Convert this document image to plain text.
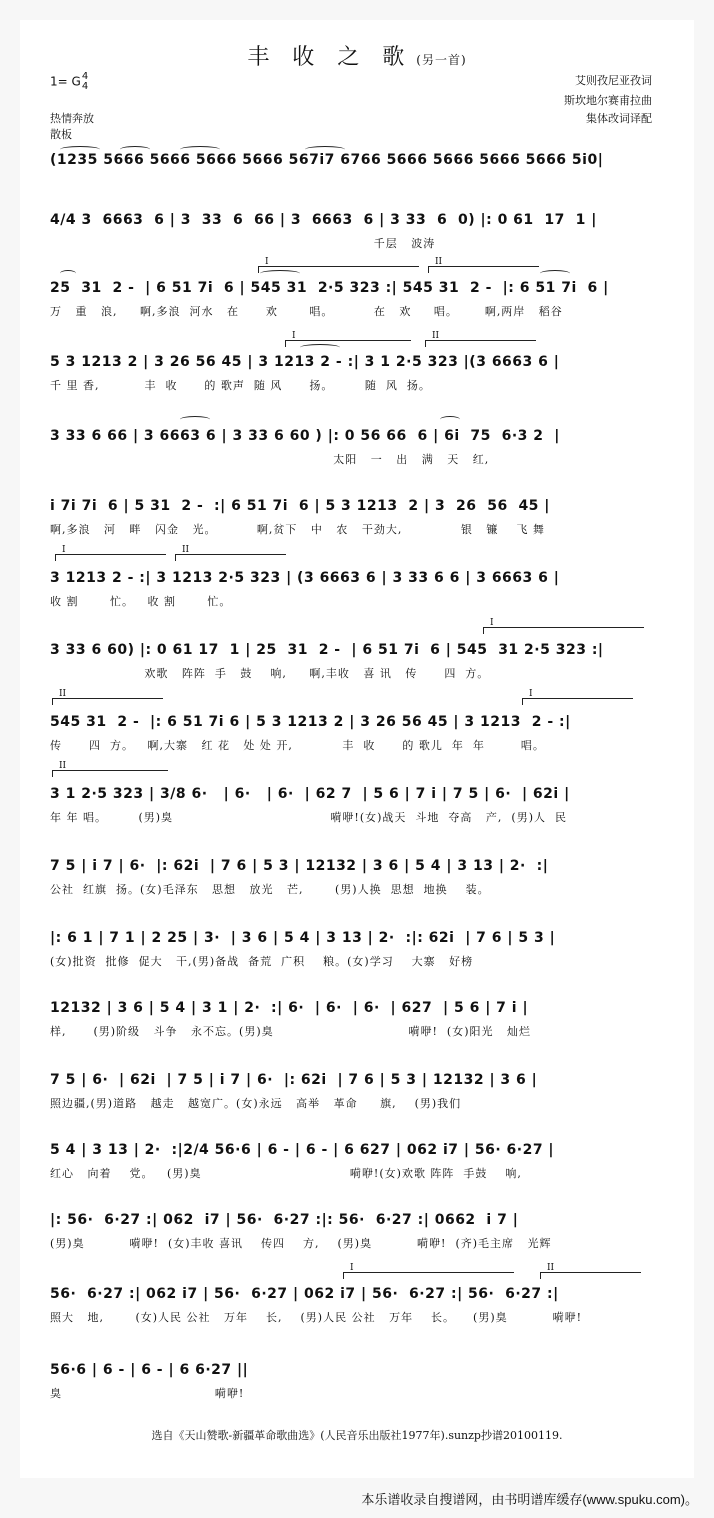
丰 收 之 歌 (另一首)
1= G4
4	艾则孜尼亚孜词
斯坎地尔赛甫拉曲
集体改词译配
热情奔放
散板
(1235 5666 5666 5666 5666 567i7 6766 5666 5666 5666 5666 5i0|
4/4 3  6663  6 | 3  33  6  66 | 3  6663  6 | 3 33  6  0) |: 0 61  17  1 |
千层   波涛
25  31  2 -  | 6 51 7i  6 | 545 31  2·5 323 :| 545 31  2 -  |: 6 51 7i  6 |
万   重   浪,     啊,多浪  河水   在      欢       唱。         在   欢     唱。      啊,两岸   稻谷
5 3 1213 2 | 3 26 56 45 | 3 1213 2 - :| 3 1 2·5 323 |(3 6663 6 |
千 里 香,          丰  收      的 歌声  随 风      扬。       随  风  扬。
3 33 6 66 | 3 6663 6 | 3 33 6 60 ) |: 0 56 66  6 | 6i  75  6·3 2  |
太阳   一   出   满   天   红,
i 7i 7i  6 | 5 31  2 -  :| 6 51 7i  6 | 5 3 1213  2 | 3  26  56  45 |
啊,多浪   河   畔   闪金   光。         啊,贫下   中   农   干劲大,             银   镰    飞 舞
3 1213 2 - :| 3 1213 2·5 323 | (3 6663 6 | 3 33 6 6 | 3 6663 6 |
收 割       忙。   收 割       忙。
3 33 6 60) |: 0 61 17  1 | 25  31  2 -  | 6 51 7i  6 | 545  31 2·5 323 :|
欢歌   阵阵  手   鼓    响,     啊,丰收   喜 讯   传      四  方。
545 31  2 -  |: 6 51 7i 6 | 5 3 1213 2 | 3 26 56 45 | 3 1213  2 - :|
传      四  方。   啊,大寨   红 花   处 处 开,           丰  收      的 歌儿  年  年        唱。
3 1 2·5 323 | 3/8 6·   | 6·   | 6·  | 62 7  | 5 6 | 7 i | 7 5 | 6·  | 62i |
年 年 唱。       (男)臭                                   嗬咿!(女)战天  斗地  夺高   产,  (男)人  民
7 5 | i 7 | 6·  |: 62i  | 7 6 | 5 3 | 12132 | 3 6 | 5 4 | 3 13 | 2·  :|
公社  红旗  扬。(女)毛泽东   思想   放光   芒,       (男)人换  思想  地换    装。
|: 6 1 | 7 1 | 2 25 | 3·  | 3 6 | 5 4 | 3 13 | 2·  :|: 62i  | 7 6 | 5 3 |
(女)批资  批修  促大   干,(男)备战  备荒  广积    粮。(女)学习    大寨   好榜
12132 | 3 6 | 5 4 | 3 1 | 2·  :| 6·  | 6·  | 6·  | 627  | 5 6 | 7 i |
样,      (男)阶级   斗争   永不忘。(男)臭                              嗬咿!  (女)阳光   灿烂
7 5 | 6·  | 62i  | 7 5 | i 7 | 6·  |: 62i  | 7 6 | 5 3 | 12132 | 3 6 |
照边疆,(男)道路   越走   越宽广。(女)永远   高举   革命     旗,    (男)我们
5 4 | 3 13 | 2·  :|2/4 56·6 | 6 - | 6 - | 6 627 | 062 i7 | 56· 6·27 |
红心   向着    党。   (男)臭                                 嗬咿!(女)欢歌 阵阵  手鼓    响,
|: 56·  6·27 :| 062  i7 | 56·  6·27 :|: 56·  6·27 :| 0662  i 7 |
(男)臭          嗬咿!  (女)丰收 喜讯    传四    方,    (男)臭          嗬咿!  (齐)毛主席   光辉
56·  6·27 :| 062 i7 | 56·  6·27 | 062 i7 | 56·  6·27 :| 56·  6·27 :|
照大   地,       (女)人民 公社   万年    长,    (男)人民 公社   万年    长。    (男)臭          嗬咿!
56·6 | 6 - | 6 - | 6 6·27 ||
臭                                  嗬咿!
选自《天山赞歌-新疆革命歌曲选》(人民音乐出版社1977年).sunzp抄谱20100119.
本乐谱收录自搜谱网，由书明谱库缓存(www.spuku.com)。
I	II
I	II
I	II
I
II	I
II
I	II
